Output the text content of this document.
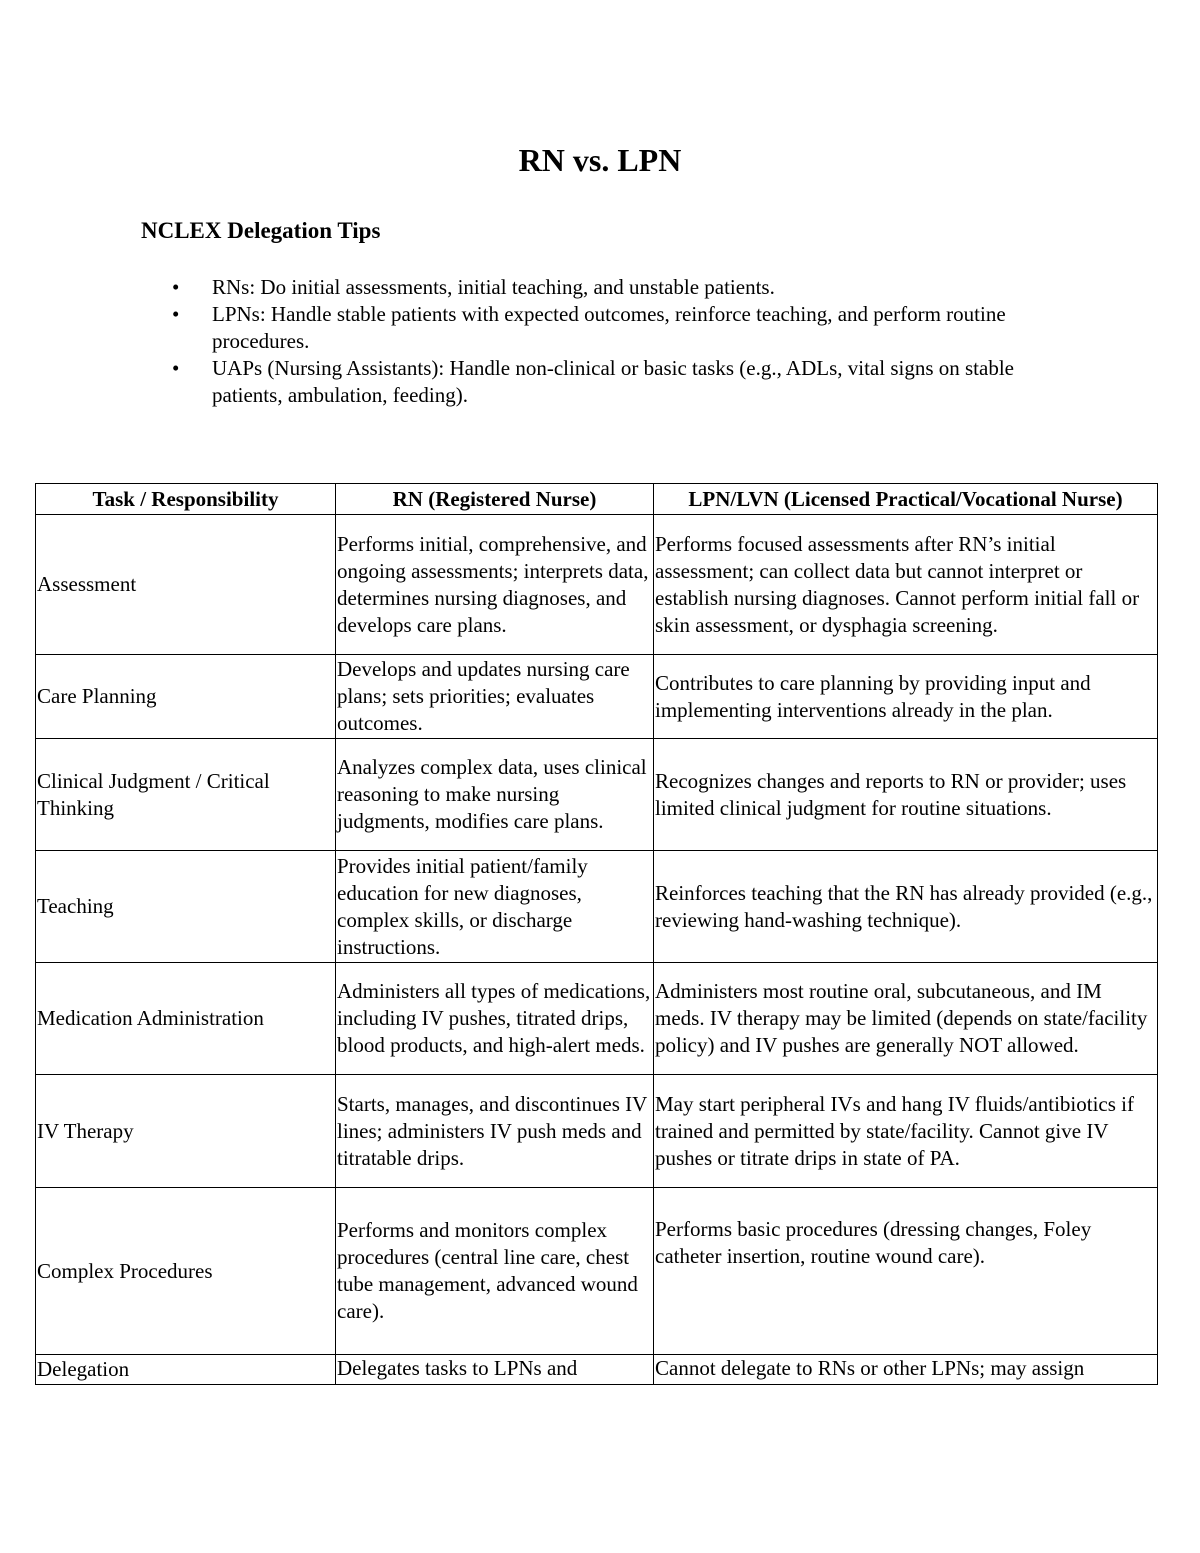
RN vs. LPN
NCLEX Delegation Tips
• RNs: Do initial assessments, initial teaching, and unstable patients.
• LPNs: Handle stable patients with expected outcomes, reinforce teaching, and perform routine procedures.
• UAPs (Nursing Assistants): Handle non-clinical or basic tasks (e.g., ADLs, vital signs on stable patients, ambulation, feeding).
Task / Responsibility	RN (Registered Nurse)	LPN/LVN (Licensed Practical/Vocational Nurse)
Assessment	Performs initial, comprehensive, and ongoing assessments; interprets data, determines nursing diagnoses, and develops care plans.	Performs focused assessments after RN’s initial assessment; can collect data but cannot interpret or establish nursing diagnoses. Cannot perform initial fall or skin assessment, or dysphagia screening.
Care Planning	Develops and updates nursing care plans; sets priorities; evaluates outcomes.	Contributes to care planning by providing input and implementing interventions already in the plan.
Clinical Judgment / Critical Thinking	Analyzes complex data, uses clinical reasoning to make nursing judgments, modifies care plans.	Recognizes changes and reports to RN or provider; uses limited clinical judgment for routine situations.
Teaching	Provides initial patient/family education for new diagnoses, complex skills, or discharge instructions.	Reinforces teaching that the RN has already provided (e.g., reviewing hand-washing technique).
Medication Administration	Administers all types of medications, including IV pushes, titrated drips, blood products, and high-alert meds.	Administers most routine oral, subcutaneous, and IM meds. IV therapy may be limited (depends on state/facility policy) and IV pushes are generally NOT allowed.
IV Therapy	Starts, manages, and discontinues IV lines; administers IV push meds and titratable drips.	May start peripheral IVs and hang IV fluids/antibiotics if trained and permitted by state/facility. Cannot give IV pushes or titrate drips in state of PA.
Complex Procedures	Performs and monitors complex procedures (central line care, chest tube management, advanced wound care).	Performs basic procedures (dressing changes, Foley catheter insertion, routine wound care).
Delegation	Delegates tasks to LPNs and	Cannot delegate to RNs or other LPNs; may assign
